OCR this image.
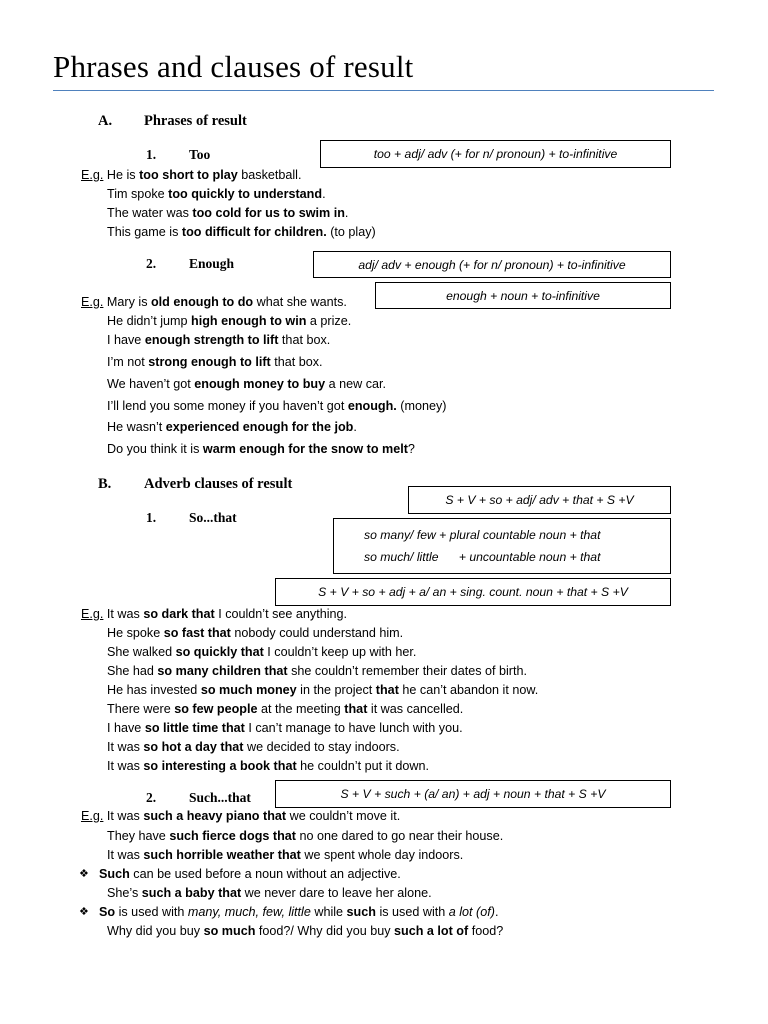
Phrases and clauses of result
A. Phrases of result
1. Too	too + adj/ adv (+ for n/ pronoun) + to-infinitive
E.g. He is too short to play basketball.
Tim spoke too quickly to understand.
The water was too cold for us to swim in.
This game is too difficult for children. (to play)
2. Enough	adj/ adv + enough (+ for n/ pronoun) + to-infinitive
enough + noun + to-infinitive
E.g. Mary is old enough to do what she wants.
He didn’t jump high enough to win a prize.
I have enough strength to lift that box.
I’m not strong enough to lift that box.
We haven’t got enough money to buy a new car.
I’ll lend you some money if you haven’t got enough. (money)
He wasn’t experienced enough for the job.
Do you think it is warm enough for the snow to melt?
B. Adverb clauses of result
S + V + so + adj/ adv + that + S +V
1. So...that
so many/ few + plural countable noun + that
so much/ little      + uncountable noun + that
S + V + so + adj + a/ an + sing. count. noun + that + S +V
E.g. It was so dark that I couldn’t see anything.
He spoke so fast that nobody could understand him.
She walked so quickly that I couldn’t keep up with her.
She had so many children that she couldn’t remember their dates of birth.
He has invested so much money in the project that he can’t abandon it now.
There were so few people at the meeting that it was cancelled.
I have so little time that I can’t manage to have lunch with you.
It was so hot a day that we decided to stay indoors.
It was so interesting a book that he couldn’t put it down.
2. Such...that	S + V + such + (a/ an) + adj + noun + that + S +V
E.g. It was such a heavy piano that we couldn’t move it.
They have such fierce dogs that no one dared to go near their house.
It was such horrible weather that we spent whole day indoors.
❖ Such can be used before a noun without an adjective.
She’s such a baby that we never dare to leave her alone.
❖ So is used with many, much, few, little while such is used with a lot (of).
Why did you buy so much food?/ Why did you buy such a lot of food?
